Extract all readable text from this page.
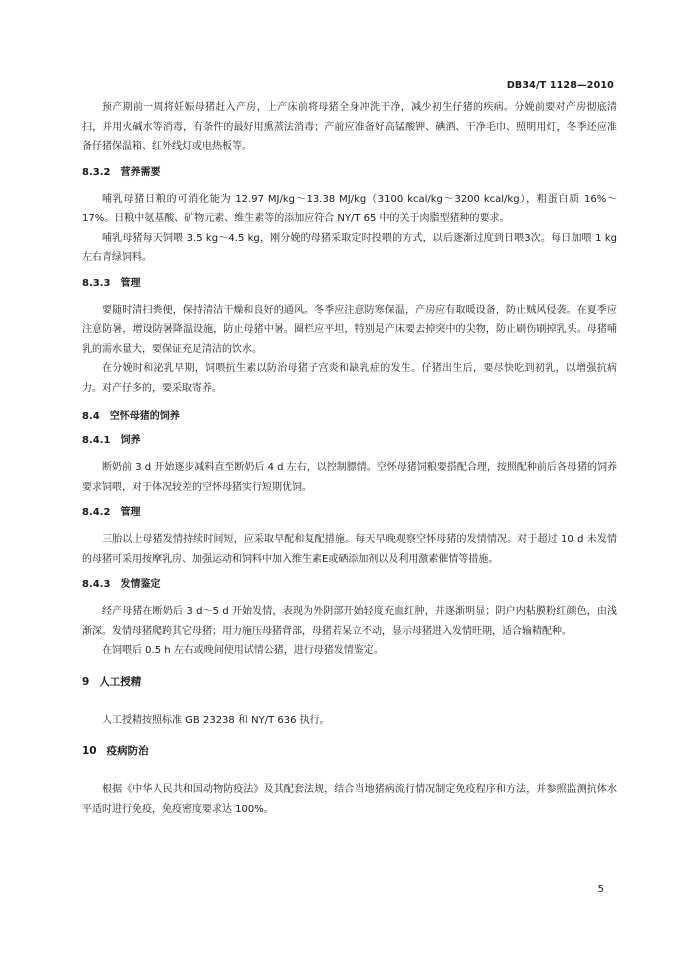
DB34/T 1128—2010

预产期前一周将妊娠母猪赶入产房，上产床前将母猪全身冲洗干净，减少初生仔猪的疾病。分娩前要对产房彻底清扫，并用火碱水等消毒，有条件的最好用熏蒸法消毒；产前应准备好高锰酸钾、碘酒、干净毛巾、照明用灯，冬季还应准备仔猪保温箱、红外线灯或电热板等。

8.3.2 营养需要

哺乳母猪日粮的可消化能为 12.97 MJ/kg～13.38 MJ/kg（3100 kcal/kg～3200 kcal/kg），粗蛋白质 16%～17%。日粮中氨基酸、矿物元素、维生素等的添加应符合 NY/T 65 中的关于肉脂型猪种的要求。

哺乳母猪每天饲喂 3.5 kg～4.5 kg，刚分娩的母猪采取定时投喂的方式，以后逐渐过度到日喂3次。每日加喂 1 kg 左右青绿饲料。

8.3.3 管理

要随时清扫粪便，保持清洁干燥和良好的通风。冬季应注意防寒保温，产房应有取暖设备，防止贼风侵袭。在夏季应注意防暑，增设防暑降温设施，防止母猪中暑。圈栏应平坦，特别是产床要去掉突中的尖物，防止刷伤刷掉乳头。母猪哺乳的需水量大，要保证充足清洁的饮水。

在分娩时和泌乳早期，饲喂抗生素以防治母猪子宫炎和缺乳症的发生。仔猪出生后，要尽快吃到初乳，以增强抗病力。对产仔多的，要采取寄养。

8.4 空怀母猪的饲养
8.4.1 饲养

断奶前 3 d 开始逐步减料直至断奶后 4 d 左右，以控制膘情。空怀母猪饲粮要搭配合理，按照配种前后各母猪的饲养要求饲喂，对于体况较差的空怀母猪实行短期优饲。

8.4.2 管理

三胎以上母猪发情持续时间短，应采取早配和复配措施。每天早晚观察空怀母猪的发情情况。对于超过 10 d 未发情的母猪可采用按摩乳房、加强运动和饲料中加入维生素E或硒添加剂以及利用激素催情等措施。

8.4.3 发情鉴定

经产母猪在断奶后 3 d～5 d 开始发情，表现为外阴部开始轻度充血红肿，并逐渐明显；阴户内粘膜粉红颜色，由浅渐深。发情母猪爬跨其它母猪；用力施压母猪背部，母猪若呆立不动，显示母猪进入发情旺期，适合输精配种。

在饲喂后 0.5 h 左右或晚间使用试情公猪，进行母猪发情鉴定。

9 人工授精

人工授精按照标准 GB 23238 和 NY/T 636 执行。

10 疫病防治

根据《中华人民共和国动物防疫法》及其配套法规，结合当地猪病流行情况制定免疫程序和方法，并参照监测抗体水平适时进行免疫，免疫密度要求达 100%。

5
